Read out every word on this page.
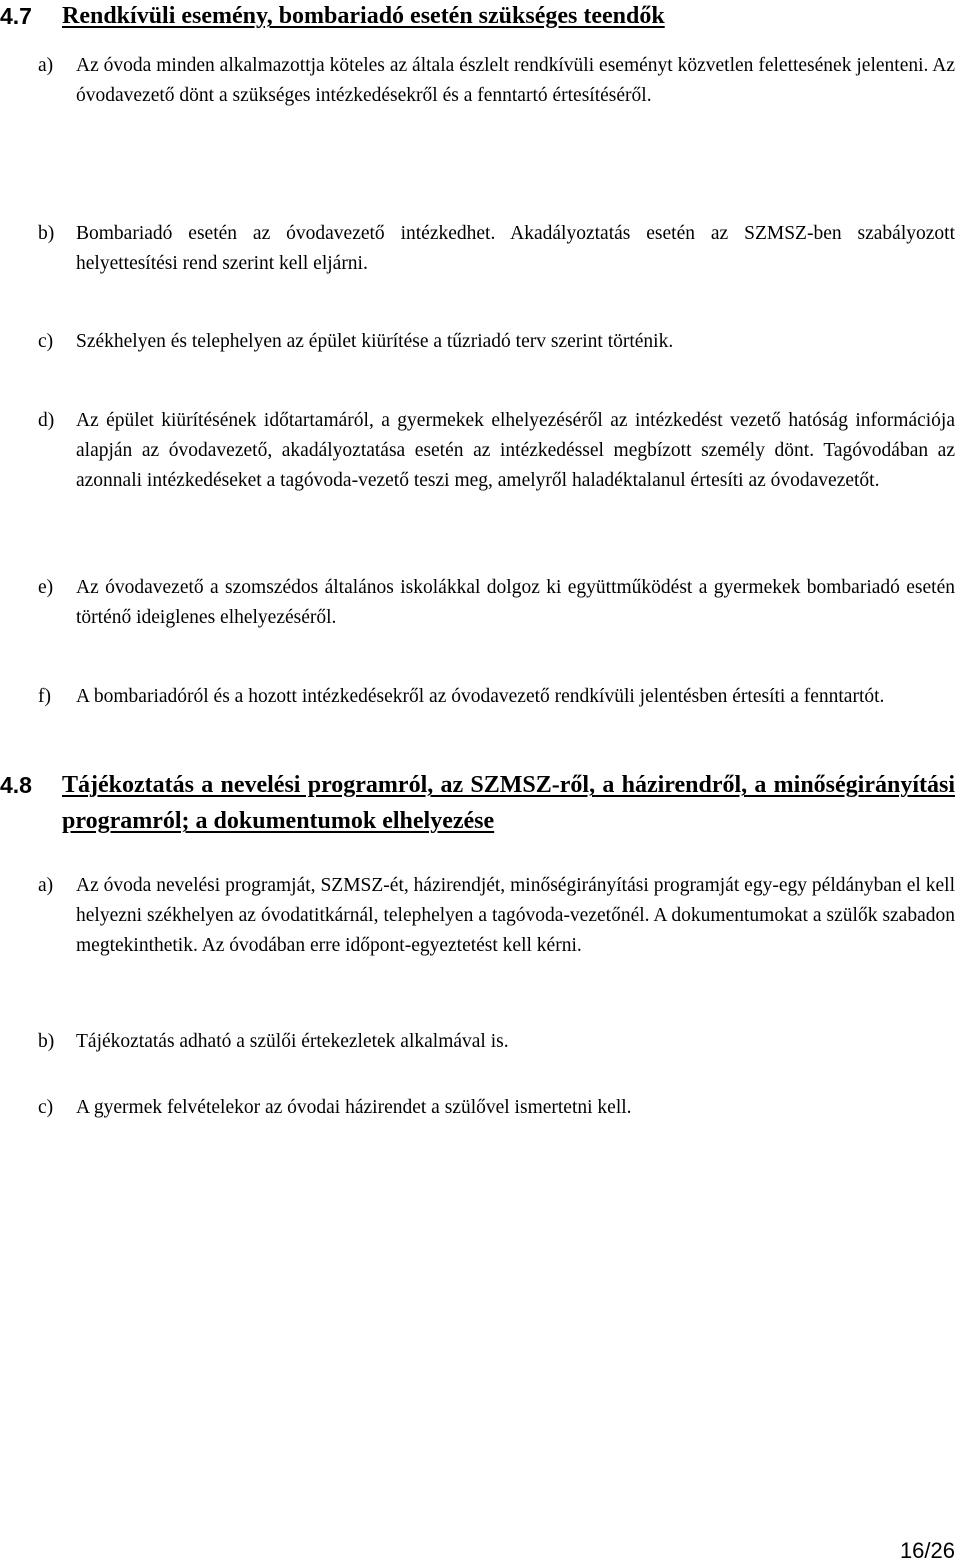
4.7 Rendkívüli esemény, bombariadó esetén szükséges teendők
a) Az óvoda minden alkalmazottja köteles az általa észlelt rendkívüli eseményt közvetlen felettesének jelenteni. Az óvodavezető dönt a szükséges intézkedésekről és a fenntartó értesítéséről.
b) Bombariadó esetén az óvodavezető intézkedhet. Akadályoztatás esetén az SZMSZ-ben szabályozott helyettesítési rend szerint kell eljárni.
c) Székhelyen és telephelyen az épület kiürítése a tűzriadó terv szerint történik.
d) Az épület kiürítésének időtartamáról, a gyermekek elhelyezéséről az intézkedést vezető hatóság információja alapján az óvodavezető, akadályoztatása esetén az intézkedéssel megbízott személy dönt. Tagóvodában az azonnali intézkedéseket a tagóvoda-vezető teszi meg, amelyről haladéktalanul értesíti az óvodavezetőt.
e) Az óvodavezető a szomszédos általános iskolákkal dolgoz ki együttműködést a gyermekek bombariadó esetén történő ideiglenes elhelyezéséről.
f) A bombariadóról és a hozott intézkedésekről az óvodavezető rendkívüli jelentésben értesíti a fenntartót.
4.8 Tájékoztatás a nevelési programról, az SZMSZ-ről, a házirendről, a minőségirányítási programról; a dokumentumok elhelyezése
a) Az óvoda nevelési programját, SZMSZ-ét, házirendjét, minőségirányítási programját egy-egy példányban el kell helyezni székhelyen az óvodatitkárnál, telephelyen a tagóvoda-vezetőnél. A dokumentumokat a szülők szabadon megtekinthetik. Az óvodában erre időpont-egyeztetést kell kérni.
b) Tájékoztatás adható a szülői értekezletek alkalmával is.
c) A gyermek felvételekor az óvodai házirendet a szülővel ismertetni kell.
16/26
